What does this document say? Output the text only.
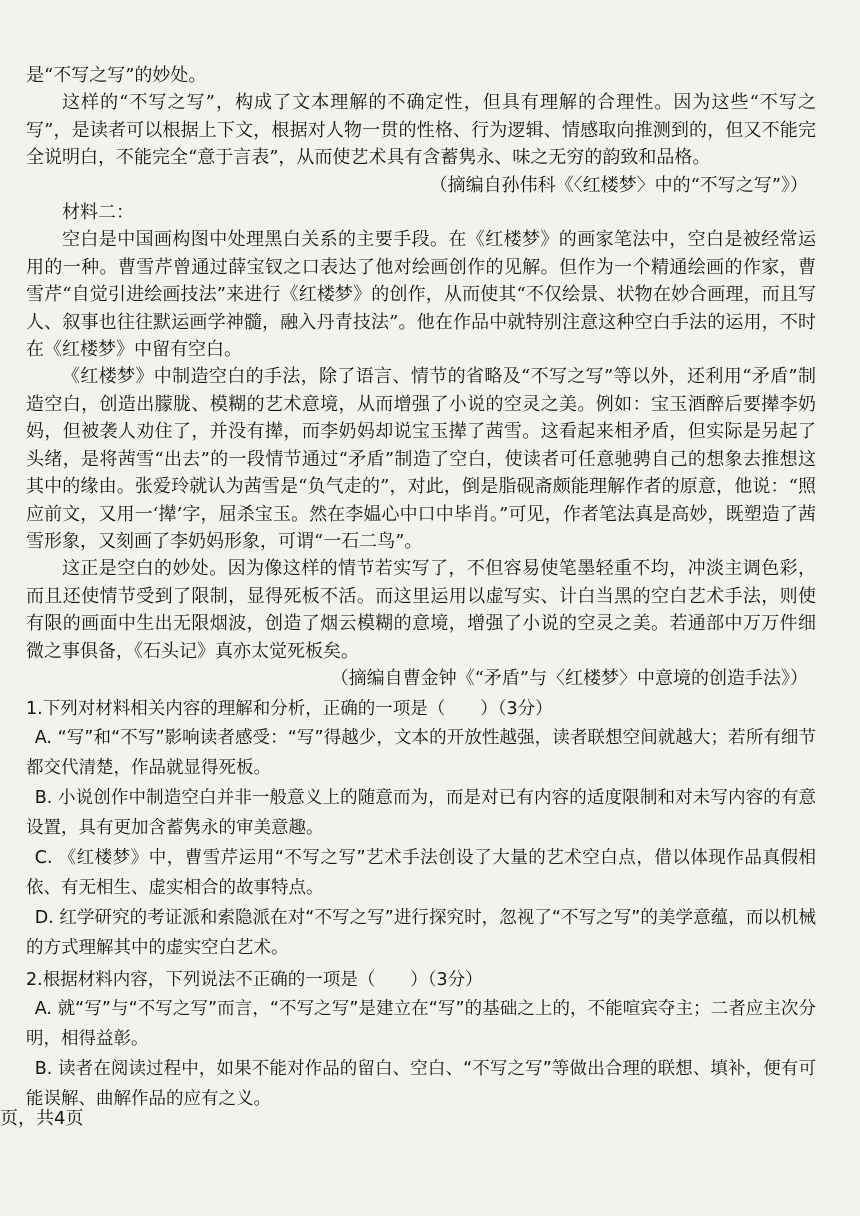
是“不写之写”的妙处。

这样的“不写之写”，构成了文本理解的不确定性，但具有理解的合理性。因为这些“不写之写”，是读者可以根据上下文，根据对人物一贯的性格、行为逻辑、情感取向推测到的，但又不能完全说明白，不能完全“意于言表”，从而使艺术具有含蓄隽永、味之无穷的韵致和品格。

（摘编自孙伟科《〈红楼梦〉中的“不写之写”》）

材料二：

空白是中国画构图中处理黑白关系的主要手段。在《红楼梦》的画家笔法中，空白是被经常运用的一种。曹雪芹曾通过薛宝钗之口表达了他对绘画创作的见解。但作为一个精通绘画的作家，曹雪芹“自觉引进绘画技法”来进行《红楼梦》的创作，从而使其“不仅绘景、状物在妙合画理，而且写人、叙事也往往默运画学神髓，融入丹青技法”。他在作品中就特别注意这种空白手法的运用，不时在《红楼梦》中留有空白。

《红楼梦》中制造空白的手法，除了语言、情节的省略及“不写之写”等以外，还利用“矛盾”制造空白，创造出朦胧、模糊的艺术意境，从而增强了小说的空灵之美。例如：宝玉酒醉后要撵李奶妈，但被袭人劝住了，并没有撵，而李奶妈却说宝玉撵了茜雪。这看起来相矛盾，但实际是另起了头绪，是将茜雪“出去”的一段情节通过“矛盾”制造了空白，使读者可任意驰骋自己的想象去推想这其中的缘由。张爱玲就认为茜雪是“负气走的”，对此，倒是脂砚斋颇能理解作者的原意，他说：“照应前文，又用一‘撵’字，屈杀宝玉。然在李媪心中口中毕肖。”可见，作者笔法真是高妙，既塑造了茜雪形象，又刻画了李奶妈形象，可谓“一石二鸟”。

这正是空白的妙处。因为像这样的情节若实写了，不但容易使笔墨轻重不均，冲淡主调色彩，而且还使情节受到了限制，显得死板不活。而这里运用以虚写实、计白当黑的空白艺术手法，则使有限的画面中生出无限烟波，创造了烟云模糊的意境，增强了小说的空灵之美。若通部中万万件细微之事俱备，《石头记》真亦太觉死板矣。

（摘编自曹金钟《“矛盾”与〈红楼梦〉中意境的创造手法》）

1.下列对材料相关内容的理解和分析，正确的一项是（　　）（3分）

A. “写”和“不写”影响读者感受：“写”得越少，文本的开放性越强，读者联想空间就越大；若所有细节都交代清楚，作品就显得死板。

B. 小说创作中制造空白并非一般意义上的随意而为，而是对已有内容的适度限制和对未写内容的有意设置，具有更加含蓄隽永的审美意趣。

C. 《红楼梦》中，曹雪芹运用“不写之写”艺术手法创设了大量的艺术空白点，借以体现作品真假相依、有无相生、虚实相合的故事特点。

D. 红学研究的考证派和索隐派在对“不写之写”进行探究时，忽视了“不写之写”的美学意蕴，而以机械的方式理解其中的虚实空白艺术。

2.根据材料内容，下列说法不正确的一项是（　　）（3分）

A. 就“写”与“不写之写”而言，“不写之写”是建立在“写”的基础之上的，不能喧宾夺主；二者应主次分明，相得益彰。

B. 读者在阅读过程中，如果不能对作品的留白、空白、“不写之写”等做出合理的联想、填补，便有可能误解、曲解作品的应有之义。

页，共4页
